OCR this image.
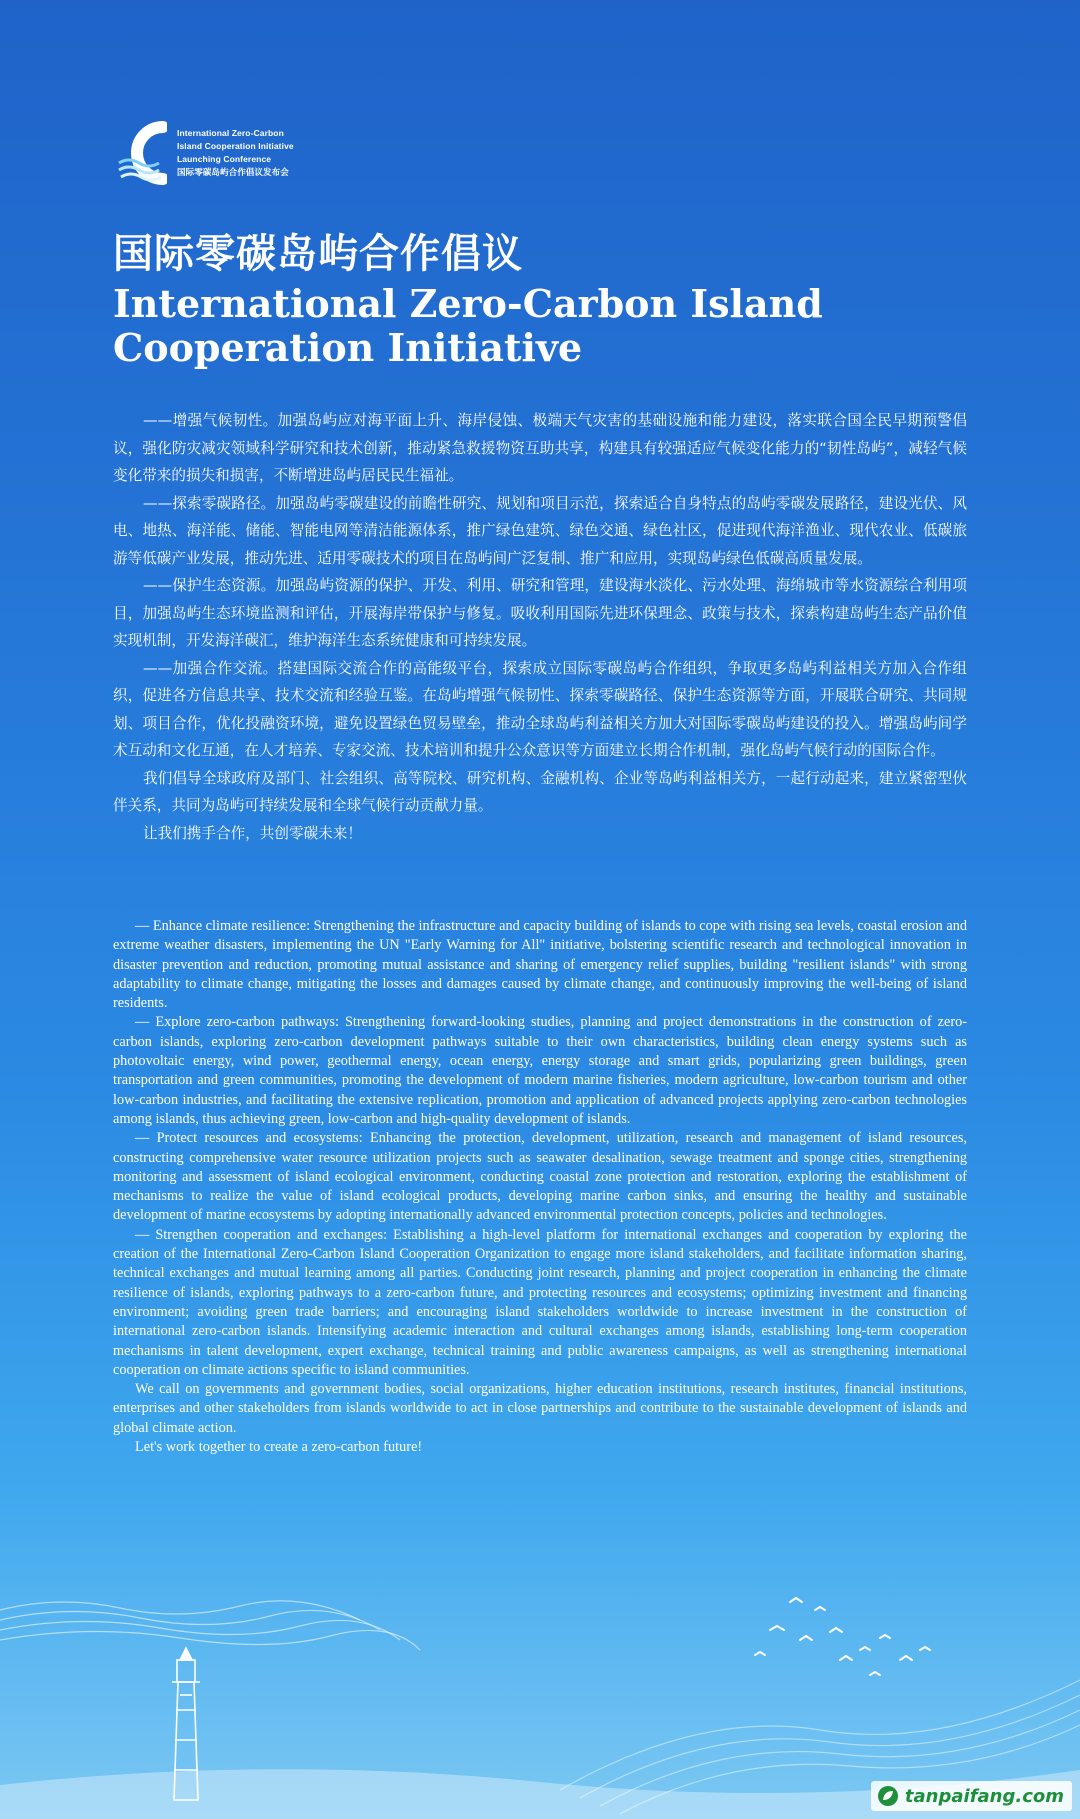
International Zero-Carbon
Island Cooperation Initiative
Launching Conference
国际零碳岛屿合作倡议发布会
国际零碳岛屿合作倡议
International Zero-Carbon Island
Cooperation Initiative

——增强气候韧性。加强岛屿应对海平面上升、海岸侵蚀、极端天气灾害的基础设施和能力建设，落实联合国全民早期预警倡议，强化防灾减灾领域科学研究和技术创新，推动紧急救援物资互助共享，构建具有较强适应气候变化能力的“韧性岛屿”，减轻气候变化带来的损失和损害，不断增进岛屿居民民生福祉。

——探索零碳路径。加强岛屿零碳建设的前瞻性研究、规划和项目示范，探索适合自身特点的岛屿零碳发展路径，建设光伏、风电、地热、海洋能、储能、智能电网等清洁能源体系，推广绿色建筑、绿色交通、绿色社区，促进现代海洋渔业、现代农业、低碳旅游等低碳产业发展，推动先进、适用零碳技术的项目在岛屿间广泛复制、推广和应用，实现岛屿绿色低碳高质量发展。

——保护生态资源。加强岛屿资源的保护、开发、利用、研究和管理，建设海水淡化、污水处理、海绵城市等水资源综合利用项目，加强岛屿生态环境监测和评估，开展海岸带保护与修复。吸收利用国际先进环保理念、政策与技术，探索构建岛屿生态产品价值实现机制，开发海洋碳汇，维护海洋生态系统健康和可持续发展。

——加强合作交流。搭建国际交流合作的高能级平台，探索成立国际零碳岛屿合作组织，争取更多岛屿利益相关方加入合作组织，促进各方信息共享、技术交流和经验互鉴。在岛屿增强气候韧性、探索零碳路径、保护生态资源等方面，开展联合研究、共同规划、项目合作，优化投融资环境，避免设置绿色贸易壁垒，推动全球岛屿利益相关方加大对国际零碳岛屿建设的投入。增强岛屿间学术互动和文化互通，在人才培养、专家交流、技术培训和提升公众意识等方面建立长期合作机制，强化岛屿气候行动的国际合作。

我们倡导全球政府及部门、社会组织、高等院校、研究机构、金融机构、企业等岛屿利益相关方，一起行动起来，建立紧密型伙伴关系，共同为岛屿可持续发展和全球气候行动贡献力量。

让我们携手合作，共创零碳未来！

— Enhance climate resilience: Strengthening the infrastructure and capacity building of islands to cope with rising sea levels, coastal erosion and extreme weather disasters, implementing the UN "Early Warning for All" initiative, bolstering scientific research and technological innovation in disaster prevention and reduction, promoting mutual assistance and sharing of emergency relief supplies, building "resilient islands" with strong adaptability to climate change, mitigating the losses and damages caused by climate change, and continuously improving the well-being of island residents.

— Explore zero-carbon pathways: Strengthening forward-looking studies, planning and project demonstrations in the construction of zero-carbon islands, exploring zero-carbon development pathways suitable to their own characteristics, building clean energy systems such as photovoltaic energy, wind power, geothermal energy, ocean energy, energy storage and smart grids, popularizing green buildings, green transportation and green communities, promoting the development of modern marine fisheries, modern agriculture, low-carbon tourism and other low-carbon industries, and facilitating the extensive replication, promotion and application of advanced projects applying zero-carbon technologies among islands, thus achieving green, low-carbon and high-quality development of islands.

— Protect resources and ecosystems: Enhancing the protection, development, utilization, research and management of island resources, constructing comprehensive water resource utilization projects such as seawater desalination, sewage treatment and sponge cities, strengthening monitoring and assessment of island ecological environment, conducting coastal zone protection and restoration, exploring the establishment of mechanisms to realize the value of island ecological products, developing marine carbon sinks, and ensuring the healthy and sustainable development of marine ecosystems by adopting internationally advanced environmental protection concepts, policies and technologies.

— Strengthen cooperation and exchanges: Establishing a high-level platform for international exchanges and cooperation by exploring the creation of the International Zero-Carbon Island Cooperation Organization to engage more island stakeholders, and facilitate information sharing, technical exchanges and mutual learning among all parties. Conducting joint research, planning and project cooperation in enhancing the climate resilience of islands, exploring pathways to a zero-carbon future, and protecting resources and ecosystems; optimizing investment and financing environment; avoiding green trade barriers; and encouraging island stakeholders worldwide to increase investment in the construction of international zero-carbon islands. Intensifying academic interaction and cultural exchanges among islands, establishing long-term cooperation mechanisms in talent development, expert exchange, technical training and public awareness campaigns, as well as strengthening international cooperation on climate actions specific to island communities.

We call on governments and government bodies, social organizations, higher education institutions, research institutes, financial institutions, enterprises and other stakeholders from islands worldwide to act in close partnerships and contribute to the sustainable development of islands and global climate action.

Let's work together to create a zero-carbon future!

tanpaifang.com
